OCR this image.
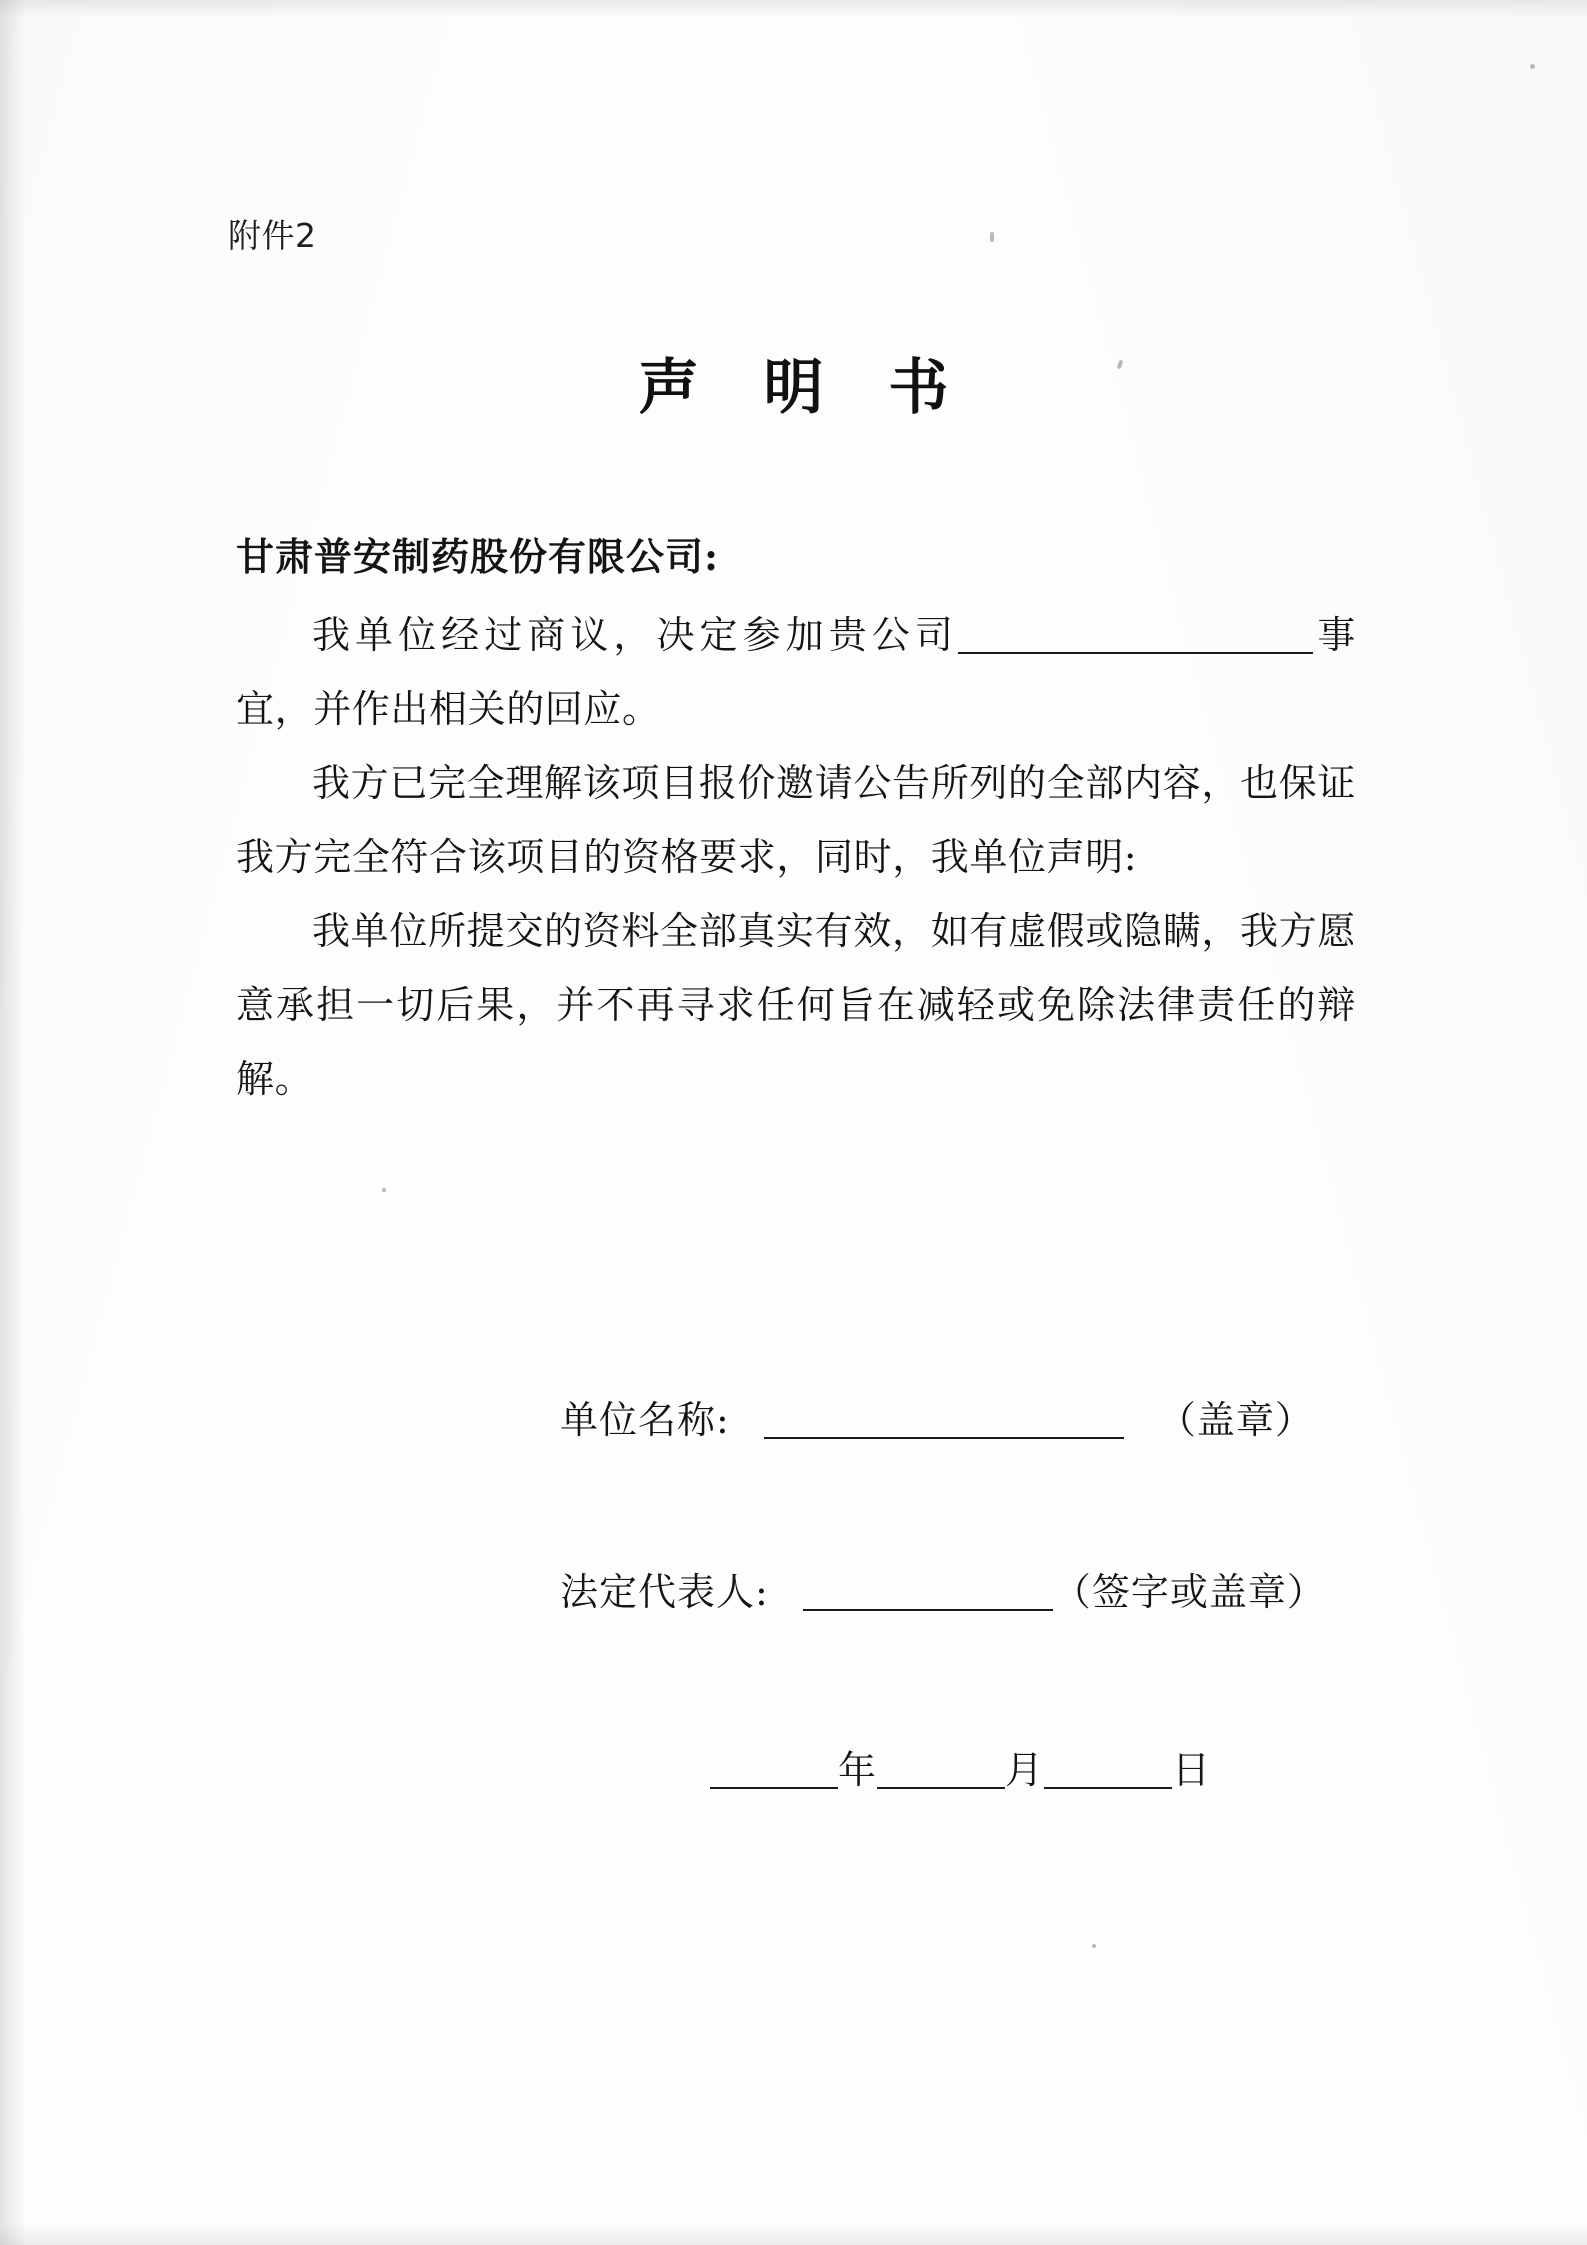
附件2
声 明 书
甘肃普安制药股份有限公司:
我单位经过商议，决定参加贵公司	事宜，并作出相关的回应。
我方已完全理解该项目报价邀请公告所列的全部内容，也保证我方完全符合该项目的资格要求，同时，我单位声明:
我单位所提交的资料全部真实有效，如有虚假或隐瞒，我方愿意承担一切后果，并不再寻求任何旨在减轻或免除法律责任的辩解。
单位名称:	（盖章）
法定代表人:	（签字或盖章）
年	月	日
